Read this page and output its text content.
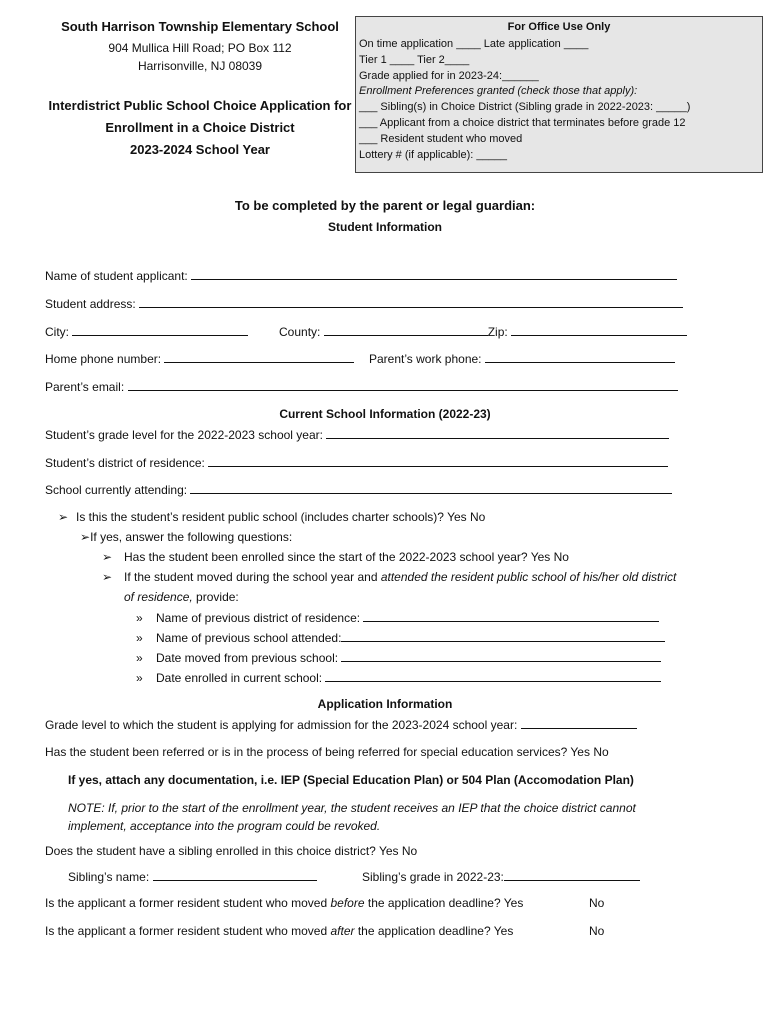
South Harrison Township Elementary School
904 Mullica Hill Road; PO Box 112
Harrisonville, NJ 08039
Interdistrict Public School Choice Application for
Enrollment in a Choice District
2023-2024 School Year
For Office Use Only
On time application ____ Late application ____
Tier 1 ____ Tier 2____
Grade applied for in 2023-24:______
Enrollment Preferences granted (check those that apply):
___ Sibling(s) in Choice District (Sibling grade in 2022-2023: _____)
___ Applicant from a choice district that terminates before grade 12
___ Resident student who moved
Lottery # (if applicable): _____
To be completed by the parent or legal guardian:
Student Information
Name of student applicant:
Student address:
City:	County:	Zip:
Home phone number:	Parent’s work phone:
Parent’s email:
Current School Information (2022-23)
Student’s grade level for the 2022-2023 school year:
Student’s district of residence:
School currently attending:
➢ Is this the student’s resident public school (includes charter schools)? Yes No
➢If yes, answer the following questions:
➢ Has the student been enrolled since the start of the 2022-2023 school year? Yes No
➢ If the student moved during the school year and attended the resident public school of his/her old district
of residence, provide:
» Name of previous district of residence:
» Name of previous school attended:
» Date moved from previous school:
» Date enrolled in current school:
Application Information
Grade level to which the student is applying for admission for the 2023-2024 school year:
Has the student been referred or is in the process of being referred for special education services? Yes No
If yes, attach any documentation, i.e. IEP (Special Education Plan) or 504 Plan (Accomodation Plan)
NOTE: If, prior to the start of the enrollment year, the student receives an IEP that the choice district cannot
implement, acceptance into the program could be revoked.
Does the student have a sibling enrolled in this choice district? Yes No
Sibling’s name:	Sibling’s grade in 2022-23:
Is the applicant a former resident student who moved before the application deadline? Yes	No
Is the applicant a former resident student who moved after the application deadline? Yes	No
